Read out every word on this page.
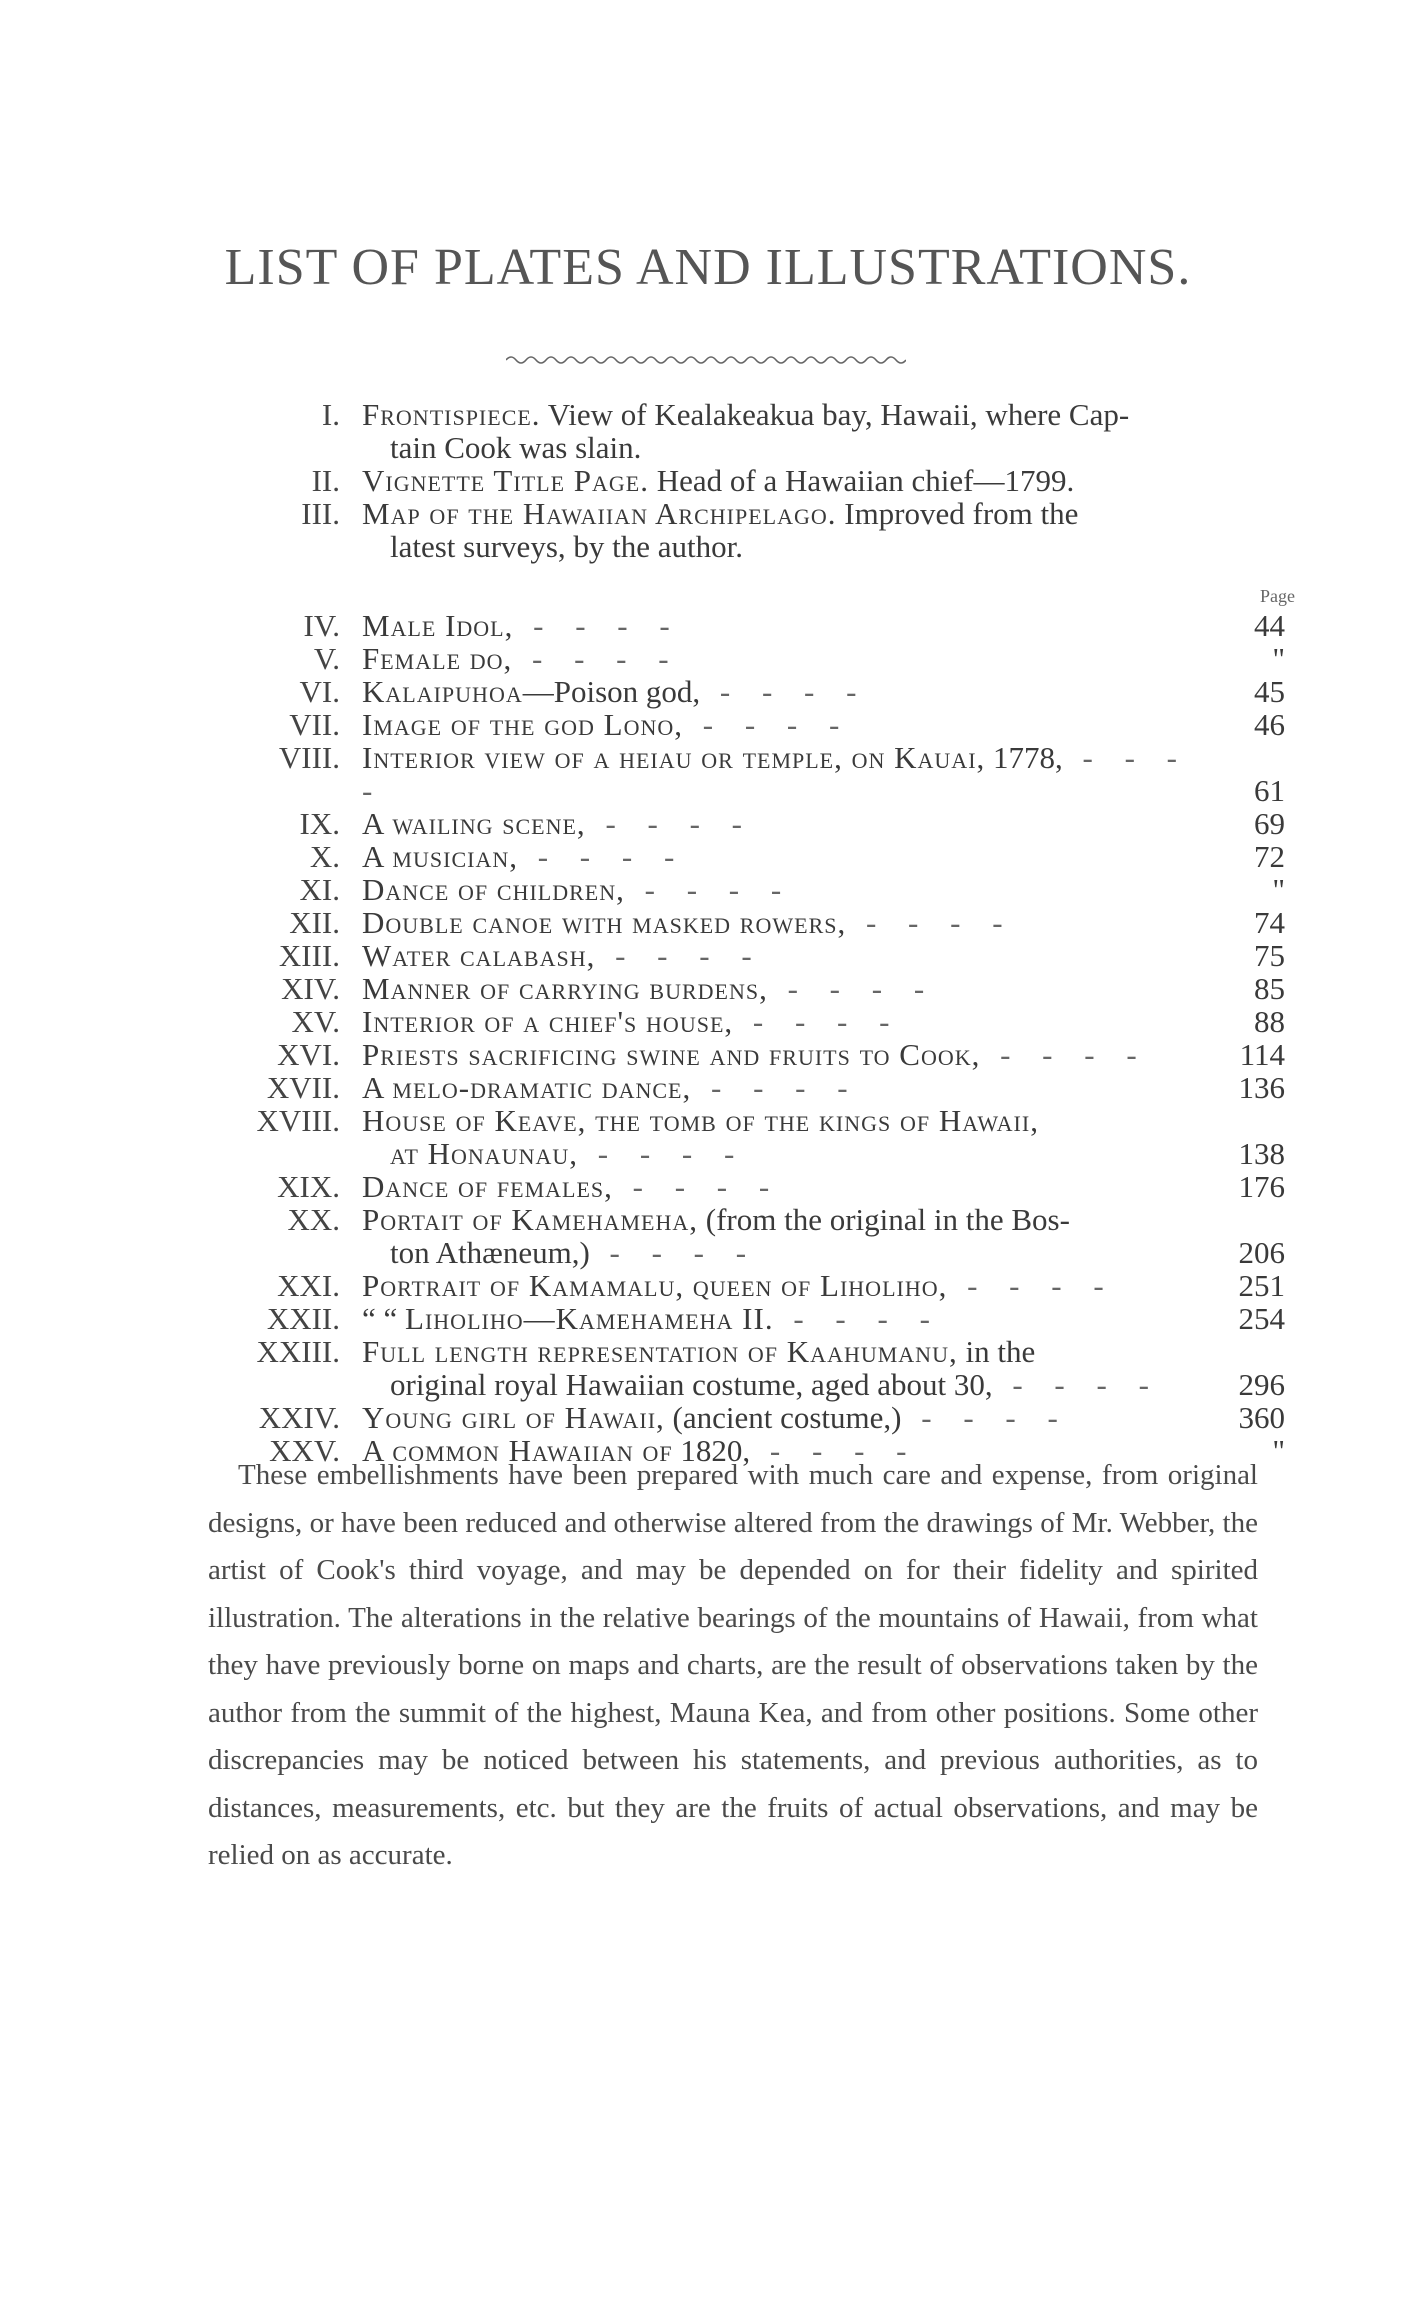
LIST OF PLATES AND ILLUSTRATIONS.
Page
I. Frontispiece. View of Kealakeakua bay, Hawaii, where Cap-
tain Cook was slain.
II. Vignette Title Page. Head of a Hawaiian chief—1799.
III. Map of the Hawaiian Archipelago. Improved from the
latest surveys, by the author.
IV. Male Idol, - - - -	44
V. Female do, - - - -	"
VI. Kalaipuhoa—Poison god, - - - -	45
VII. Image of the god Lono, - - - -	46
VIII. Interior view of a heiau or temple, on Kauai, 1778, - - - -	61
IX. A wailing scene, - - - -	69
X. A musician, - - - -	72
XI. Dance of children, - - - -	"
XII. Double canoe with masked rowers, - - - -	74
XIII. Water calabash, - - - -	75
XIV. Manner of carrying burdens, - - - -	85
XV. Interior of a chief's house, - - - -	88
XVI. Priests sacrificing swine and fruits to Cook, - - - -	114
XVII. A melo-dramatic dance, - - - -	136
XVIII. House of Keave, the tomb of the kings of Hawaii,
at Honaunau, - - - -	138
XIX. Dance of females, - - - -	176
XX. Portait of Kamehameha, (from the original in the Bos-
ton Athæneum,) - - - -	206
XXI. Portrait of Kamamalu, queen of Liholiho, - - - -	251
XXII. “ “ Liholiho—Kamehameha II. - - - -	254
XXIII. Full length representation of Kaahumanu, in the
original royal Hawaiian costume, aged about 30, - - - -	296
XXIV. Young girl of Hawaii, (ancient costume,) - - - -	360
XXV. A common Hawaiian of 1820, - - - -	"

These embellishments have been prepared with much care and expense, from original designs, or have been reduced and otherwise altered from the drawings of Mr. Webber, the artist of Cook's third voyage, and may be depended on for their fidelity and spirited illustration. The alterations in the relative bearings of the mountains of Hawaii, from what they have previously borne on maps and charts, are the result of observations taken by the author from the summit of the highest, Mauna Kea, and from other positions. Some other discrepancies may be noticed between his statements, and previous authorities, as to distances, measurements, etc. but they are the fruits of actual observations, and may be relied on as accurate.
